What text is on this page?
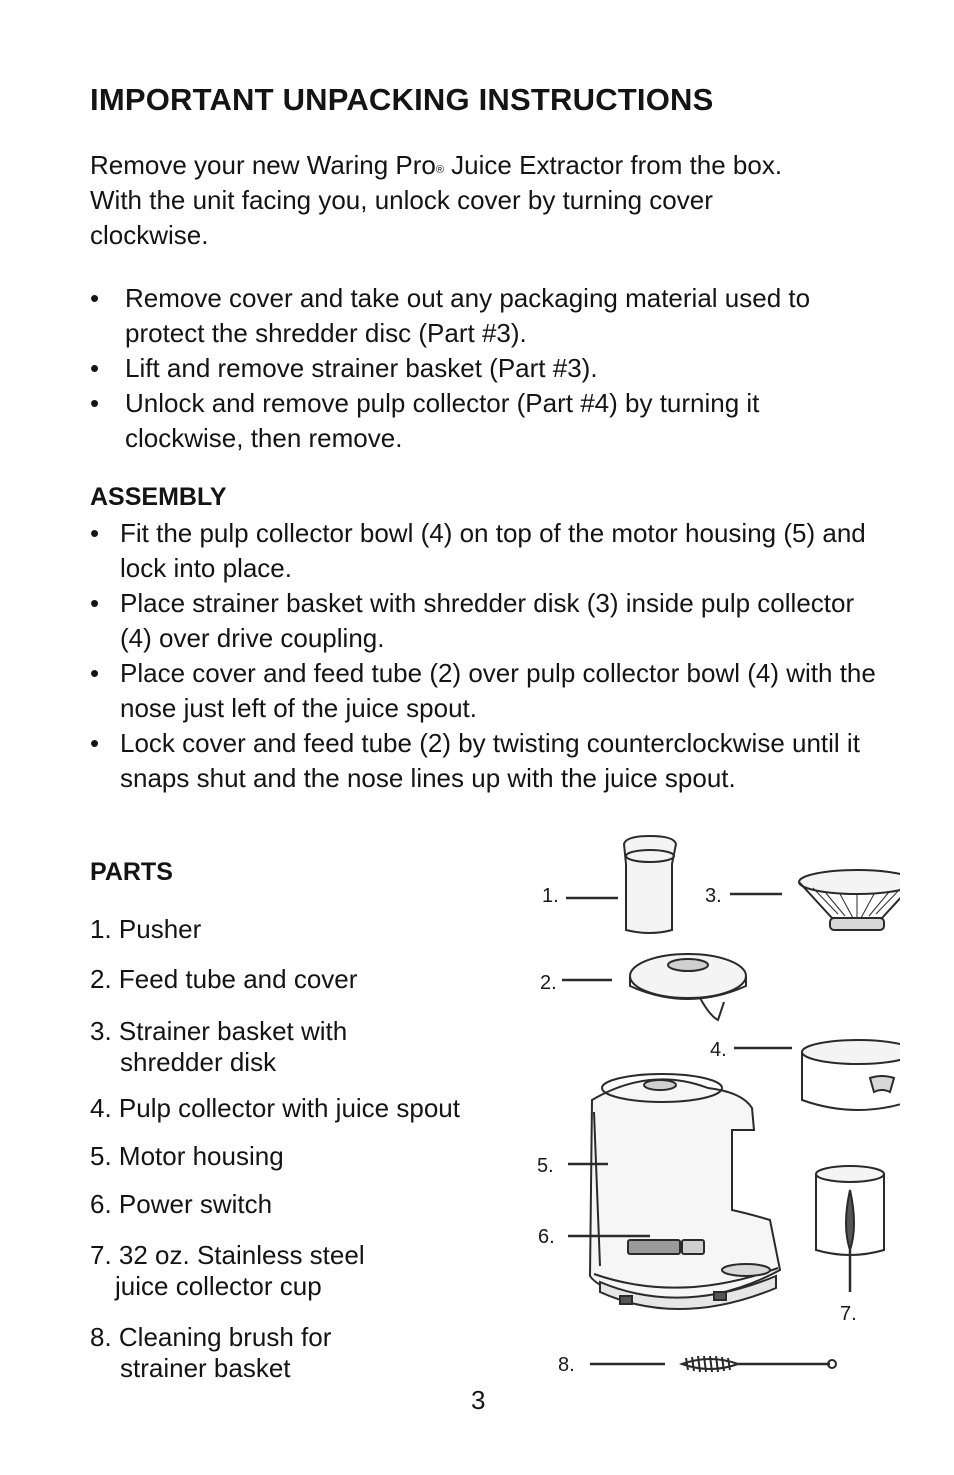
IMPORTANT UNPACKING INSTRUCTIONS
Remove your new Waring Pro® Juice Extractor from the box. With the unit facing you, unlock cover by turning cover clockwise.
• Remove cover and take out any packaging material used to protect the shredder disc (Part #3).
• Lift and remove strainer basket (Part #3).
• Unlock and remove pulp collector (Part #4) by turning it clockwise, then remove.
ASSEMBLY
• Fit the pulp collector bowl (4) on top of the motor housing (5) and lock into place.
• Place strainer basket with shredder disk (3) inside pulp collector (4) over drive coupling.
• Place cover and feed tube (2) over pulp collector bowl (4) with the nose just left of the juice spout.
• Lock cover and feed tube (2) by twisting counterclockwise until it snaps shut and the nose lines up with the juice spout.
PARTS
1. Pusher
2. Feed tube and cover
3. Strainer basket with
shredder disk
4. Pulp collector with juice spout
5. Motor housing
6. Power switch
7. 32 oz. Stainless steel
juice collector cup
8. Cleaning brush for
strainer basket
1.
2.
3.
4.
5.
6.
7.
8.
3
